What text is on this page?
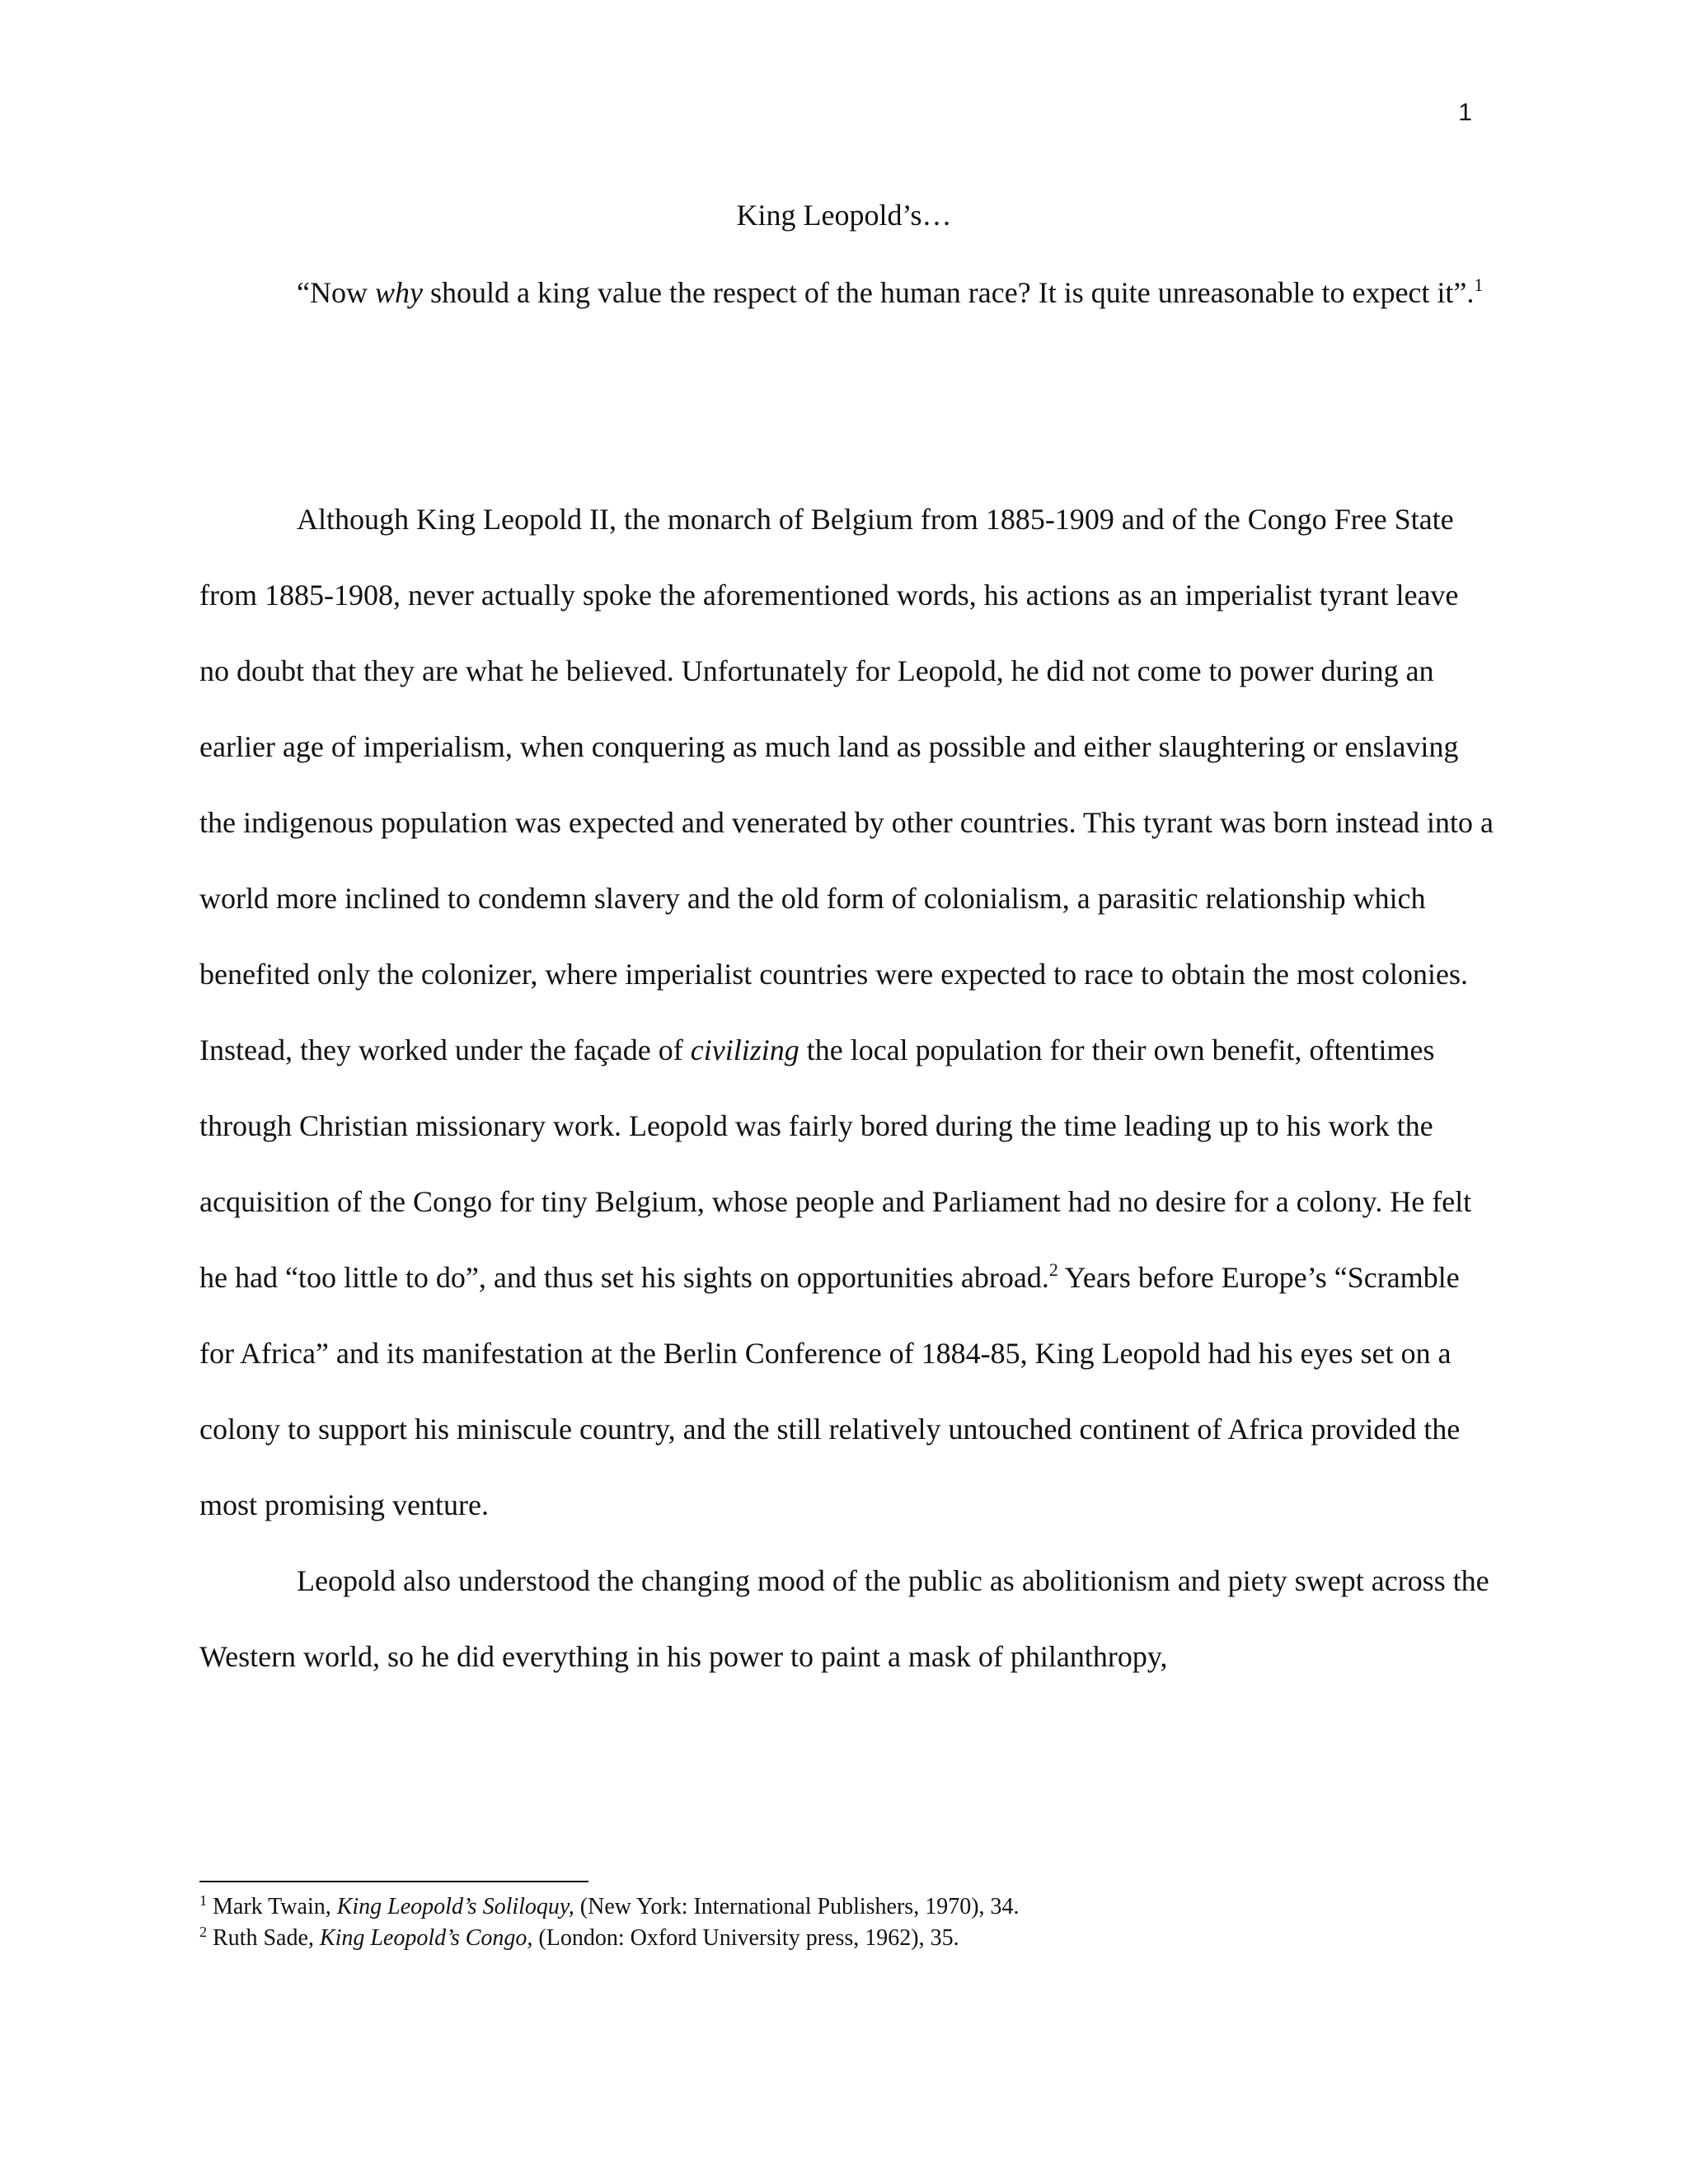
1
King Leopold’s…

“Now why should a king value the respect of the human race? It is quite unreasonable to expect it”.$^1$

Although King Leopold II, the monarch of Belgium from 1885-1909 and of the Congo Free State from 1885-1908, never actually spoke the aforementioned words, his actions as an imperialist tyrant leave no doubt that they are what he believed. Unfortunately for Leopold, he did not come to power during an earlier age of imperialism, when conquering as much land as possible and either slaughtering or enslaving the indigenous population was expected and venerated by other countries. This tyrant was born instead into a world more inclined to condemn slavery and the old form of colonialism, a parasitic relationship which benefited only the colonizer, where imperialist countries were expected to race to obtain the most colonies. Instead, they worked under the façade of civilizing the local population for their own benefit, oftentimes through Christian missionary work. Leopold was fairly bored during the time leading up to his work the acquisition of the Congo for tiny Belgium, whose people and Parliament had no desire for a colony. He felt he had “too little to do”, and thus set his sights on opportunities abroad.$^2$ Years before Europe’s “Scramble for Africa” and its manifestation at the Berlin Conference of 1884-85, King Leopold had his eyes set on a colony to support his miniscule country, and the still relatively untouched continent of Africa provided the most promising venture.

Leopold also understood the changing mood of the public as abolitionism and piety swept across the Western world, so he did everything in his power to paint a mask of philanthropy,

$^1$ Mark Twain, King Leopold’s Soliloquy, (New York: International Publishers, 1970), 34.
$^2$ Ruth Sade, King Leopold’s Congo, (London: Oxford University press, 1962), 35.
